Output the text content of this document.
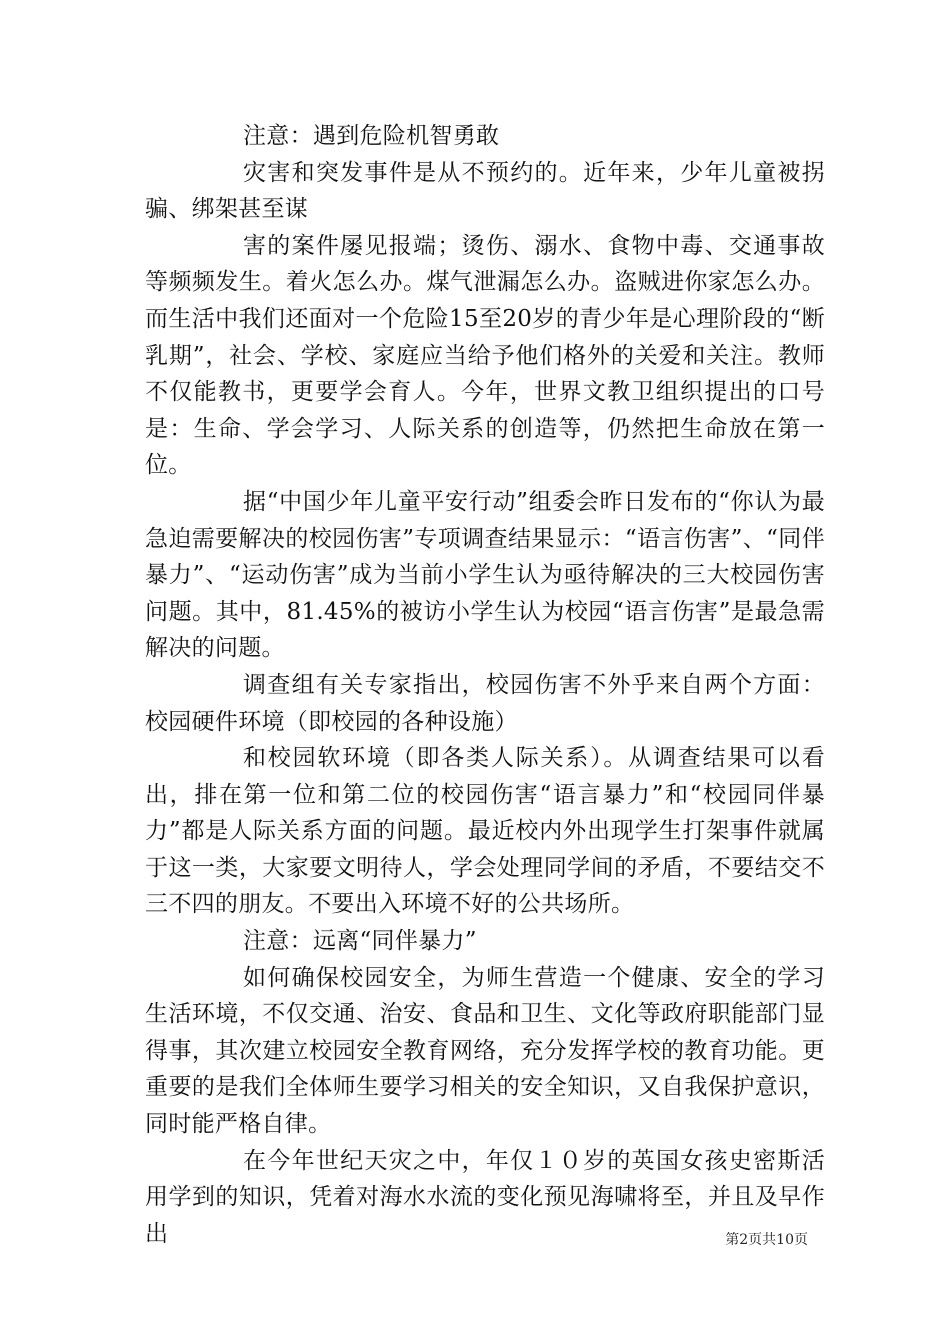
注意：遇到危险机智勇敢

灾害和突发事件是从不预约的。近年来，少年儿童被拐骗、绑架甚至谋

害的案件屡见报端；烫伤、溺水、食物中毒、交通事故等频频发生。着火怎么办。煤气泄漏怎么办。盗贼进你家怎么办。而生活中我们还面对一个危险15至20岁的青少年是心理阶段的“断乳期”，社会、学校、家庭应当给予他们格外的关爱和关注。教师不仅能教书，更要学会育人。今年，世界文教卫组织提出的口号是：生命、学会学习、人际关系的创造等，仍然把生命放在第一位。

据“中国少年儿童平安行动”组委会昨日发布的“你认为最急迫需要解决的校园伤害”专项调查结果显示：“语言伤害”、“同伴暴力”、“运动伤害”成为当前小学生认为亟待解决的三大校园伤害问题。其中，81.45%的被访小学生认为校园“语言伤害”是最急需解决的问题。

调查组有关专家指出，校园伤害不外乎来自两个方面：校园硬件环境（即校园的各种设施）

和校园软环境（即各类人际关系）。从调查结果可以看出，排在第一位和第二位的校园伤害“语言暴力”和“校园同伴暴力”都是人际关系方面的问题。最近校内外出现学生打架事件就属于这一类，大家要文明待人，学会处理同学间的矛盾，不要结交不三不四的朋友。不要出入环境不好的公共场所。

注意：远离“同伴暴力”

如何确保校园安全，为师生营造一个健康、安全的学习生活环境，不仅交通、治安、食品和卫生、文化等政府职能部门显得事，其次建立校园安全教育网络，充分发挥学校的教育功能。更重要的是我们全体师生要学习相关的安全知识，又自我保护意识，同时能严格自律。

在今年世纪天灾之中，年仅１０岁的英国女孩史密斯活用学到的知识，凭着对海水水流的变化预见海啸将至，并且及早作出	第2页共10页
